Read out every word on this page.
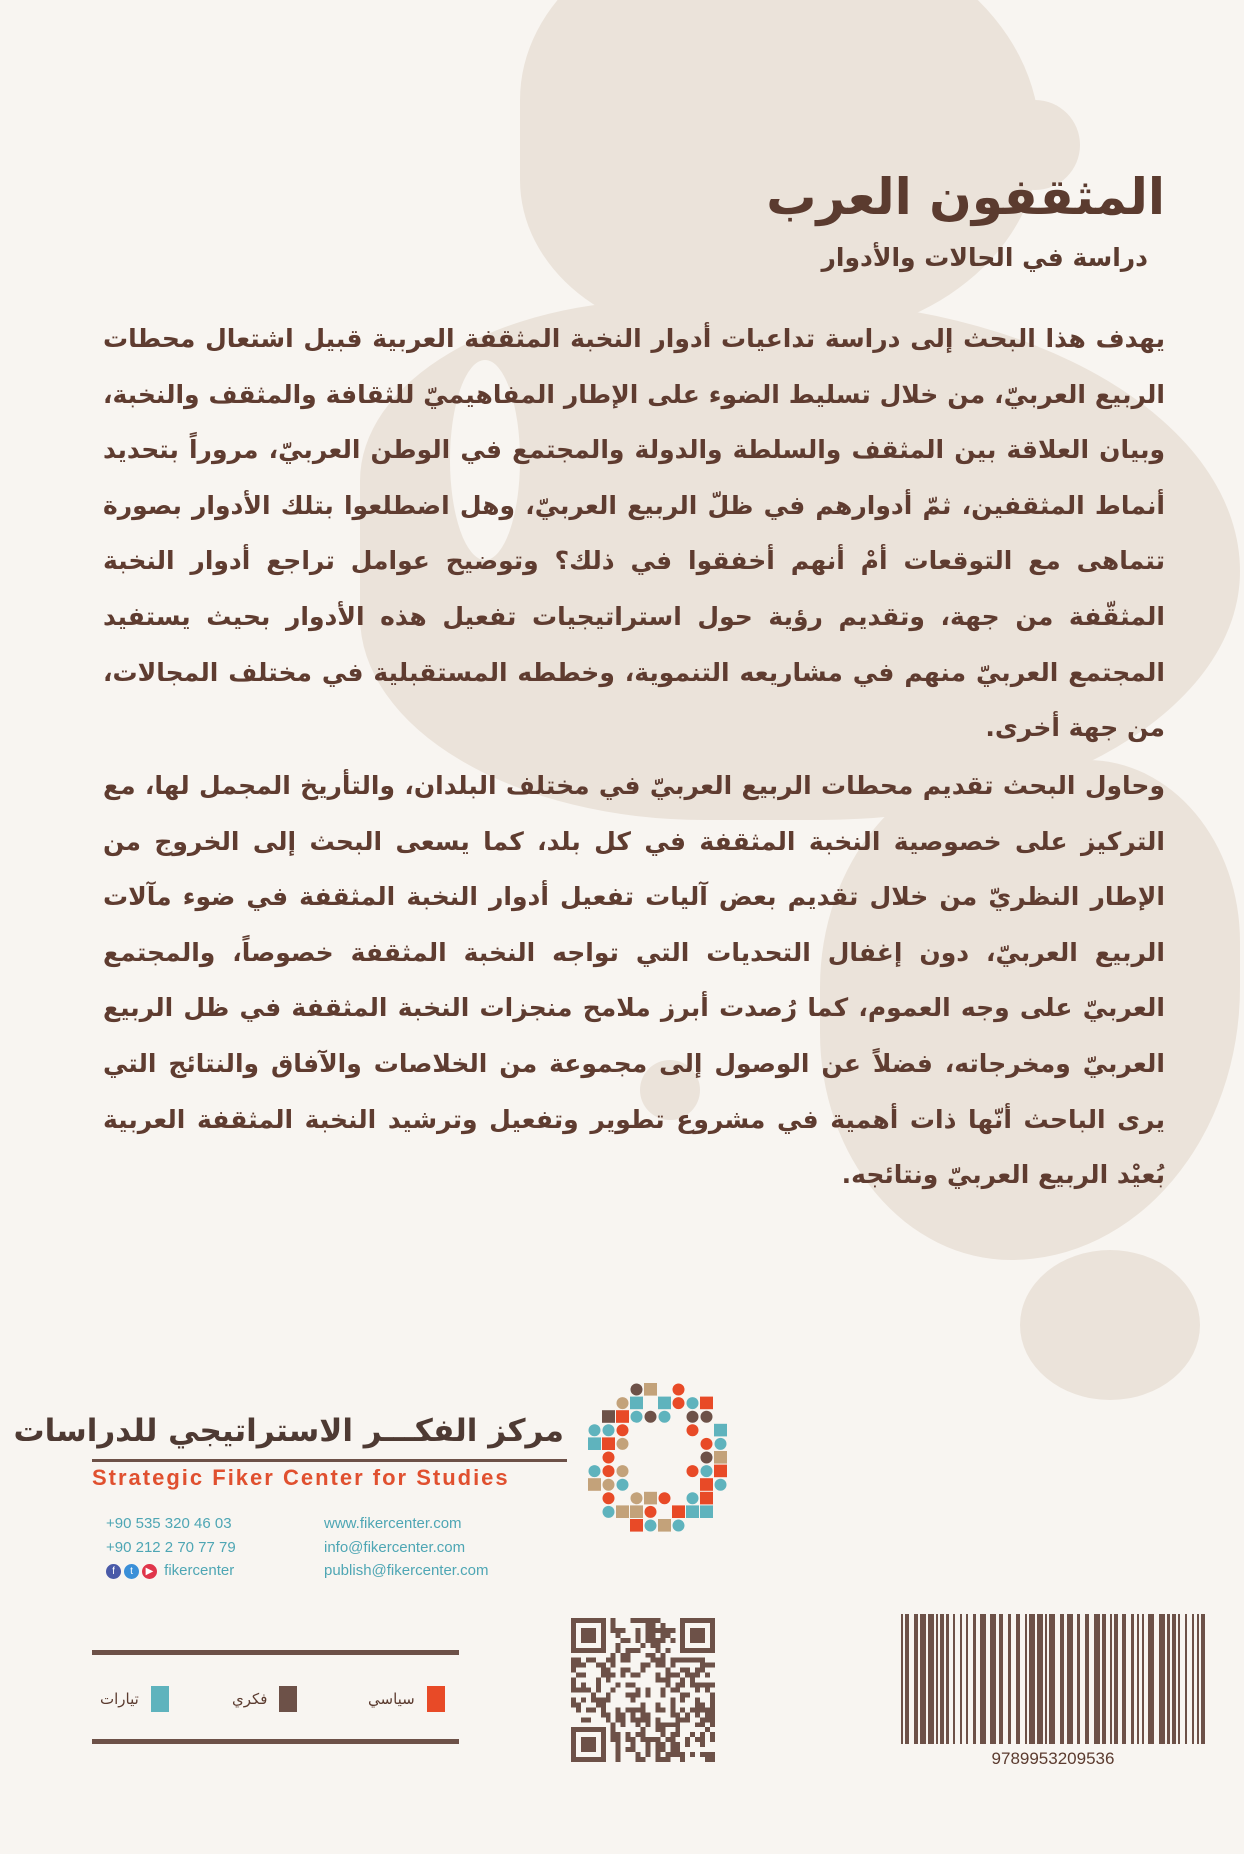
المثقفون العرب
دراسة في الحالات والأدوار

يهدف هذا البحث إلى دراسة تداعيات أدوار النخبة المثقفة العربية قبيل اشتعال محطات الربيع العربيّ، من خلال تسليط الضوء على الإطار المفاهيميّ للثقافة والمثقف والنخبة، وبيان العلاقة بين المثقف والسلطة والدولة والمجتمع في الوطن العربيّ، مروراً بتحديد أنماط المثقفين، ثمّ أدوارهم في ظلّ الربيع العربيّ، وهل اضطلعوا بتلك الأدوار بصورة تتماهى مع التوقعات أمْ أنهم أخفقوا في ذلك؟ وتوضيح عوامل تراجع أدوار النخبة المثقّفة من جهة، وتقديم رؤية حول استراتيجيات تفعيل هذه الأدوار بحيث يستفيد المجتمع العربيّ منهم في مشاريعه التنموية، وخططه المستقبلية في مختلف المجالات، من جهة أخرى.

وحاول البحث تقديم محطات الربيع العربيّ في مختلف البلدان، والتأريخ المجمل لها، مع التركيز على خصوصية النخبة المثقفة في كل بلد، كما يسعى البحث إلى الخروج من الإطار النظريّ من خلال تقديم بعض آليات تفعيل أدوار النخبة المثقفة في ضوء مآلات الربيع العربيّ، دون إغفال التحديات التي تواجه النخبة المثقفة خصوصاً، والمجتمع العربيّ على وجه العموم، كما رُصدت أبرز ملامح منجزات النخبة المثقفة في ظل الربيع العربيّ ومخرجاته، فضلاً عن الوصول إلى مجموعة من الخلاصات والآفاق والنتائج التي يرى الباحث أنّها ذات أهمية في مشروع تطوير وتفعيل وترشيد النخبة المثقفة العربية بُعيْد الربيع العربيّ ونتائجه.

مركز الفكـــر الاستراتيجي للدراسات
Strategic Fiker Center for Studies
+90 535 320 46 03
+90 212 2 70 77 79
f t ▶ fikercenter
www.fikercenter.com
info@fikercenter.com
publish@fikercenter.com
سياسي
فكري
تيارات
9789953209536
